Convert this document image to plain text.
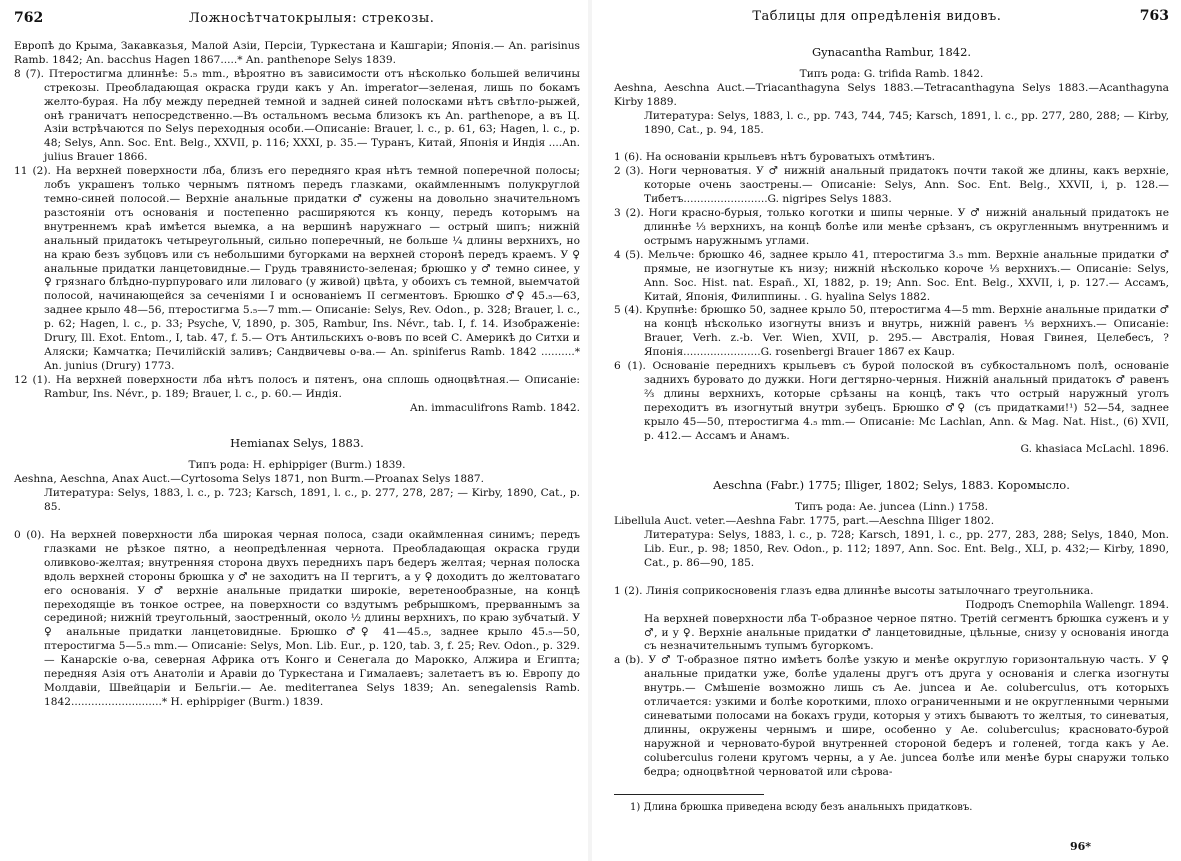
762	Ложносѣтчатокрылыя: стрекозы.

Европѣ до Крыма, Закавказья, Малой Азіи, Персіи, Туркестана и Кашгаріи; Японія.— An. parisinus Ramb. 1842; An. bacchus Hagen 1867.....* An. panthenope Selys 1839.

8 (7). Птеростигма длиннѣе: 5.₅ mm., вѣроятно въ зависимости отъ нѣсколько большей величины стрекозы. Преобладающая окраска груди какъ у An. imperator—зеленая, лишь по бокамъ желто-бурая. На лбу между передней темной и задней синей полосками нѣтъ свѣтло-рыжей, онѣ граничатъ непосредственно.—Въ остальномъ весьма близокъ къ An. parthenope, а въ Ц. Азіи встрѣчаются по Selys переходныя особи.—Описаніе: Brauer, l. c., p. 61, 63; Hagen, l. c., p. 48; Selys, Ann. Soc. Ent. Belg., XXVII, p. 116; XXXI, p. 35.— Туранъ, Китай, Японія и Индія ....An. julius Brauer 1866.

11 (2). На верхней поверхности лба, близъ его передняго края нѣтъ темной поперечной полосы; лобъ украшенъ только чернымъ пятномъ передъ глазками, окаймленнымъ полукруглой темно-синей полосой.— Верхніе анальные придатки ♂ сужены на довольно значительномъ разстояніи отъ основанія и постепенно расширяются къ концу, передъ которымъ на внутреннемъ краѣ имѣется выемка, а на вершинѣ наружнаго — острый шипъ; нижній анальный придатокъ четыреугольный, сильно поперечный, не больше ¼ длины верхнихъ, но на краю безъ зубцовъ или съ небольшими бугорками на верхней сторонѣ передъ краемъ. У ♀ анальные придатки ланцетовидные.— Грудь травянисто-зеленая; брюшко у ♂ темно синее, у ♀ грязнаго блѣдно-пурпуроваго или лиловаго (у живой) цвѣта, у обоихъ съ темной, выемчатой полосой, начинающейся за сеченіями I и основаніемъ II сегментовъ. Брюшко ♂♀ 45.₅—63, заднее крыло 48—56, птеростигма 5.₅—7 mm.— Описаніе: Selys, Rev. Odon., p. 328; Brauer, l. c., p. 62; Hagen, l. c., p. 33; Psyche, V, 1890, p. 305, Rambur, Ins. Névr., tab. I, f. 14. Изображеніе: Drury, Ill. Exot. Entom., I, tab. 47, f. 5.— Отъ Антильскихъ о-вовъ по всей С. Америкѣ до Ситхи и Аляски; Камчатка; Печилійскій заливъ; Сандвичевы о-ва.— An. spiniferus Ramb. 1842 ..........* An. junius (Drury) 1773.

12 (1). На верхней поверхности лба нѣтъ полосъ и пятенъ, она сплошь одноцвѣтная.— Описаніе: Rambur, Ins. Névr., p. 189; Brauer, l. c., p. 60.— Индія.

An. immaculifrons Ramb. 1842.

Hemianax Selys, 1883.

Типъ рода: H. ephippiger (Burm.) 1839.

Aeshna, Aeschna, Anax Auct.—Cyrtosoma Selys 1871, non Burm.—Proanax Selys 1887.

Литература: Selys, 1883, l. c., p. 723; Karsch, 1891, l. c., p. 277, 278, 287; — Kirby, 1890, Cat., p. 85.

0 (0). На верхней поверхности лба широкая черная полоса, сзади окаймленная синимъ; передъ глазками не рѣзкое пятно, а неопредѣленная чернота. Преобладающая окраска груди оливково-желтая; внутренняя сторона двухъ переднихъ паръ бедеръ желтая; черная полоска вдоль верхней стороны брюшка у ♂ не заходитъ на II тергитъ, а у ♀ доходитъ до желтоватаго его основанія. У ♂ верхніе анальные придатки широкіе, веретенообразные, на концѣ переходящіе въ тонкое острее, на поверхности со вздутымъ ребрышкомъ, прерваннымъ за серединой; нижній треугольный, заостренный, около ½ длины верхнихъ, по краю зубчатый. У ♀ анальные придатки ланцетовидные. Брюшко ♂♀ 41—45.₅, заднее крыло 45.₅—50, птеростигма 5—5.₅ mm.— Описаніе: Selys, Mon. Lib. Eur., p. 120, tab. 3, f. 25; Rev. Odon., p. 329.— Канарскіе о-ва, северная Африка отъ Конго и Сенегала до Марокко, Алжира и Египта; передняя Азія отъ Анатоліи и Аравіи до Туркестана и Гималаевъ; залетаетъ въ ю. Европу до Молдавіи, Швейцаріи и Бельгіи.— Ae. mediterranea Selys 1839; An. senegalensis Ramb. 1842...........................* H. ephippiger (Burm.) 1839.

Таблицы для опредѣленія видовъ.	763

Gynacantha Rambur, 1842.

Типъ рода: G. trifida Ramb. 1842.

Aeshna, Aeschna Auct.—Triacanthagyna Selys 1883.—Tetracanthagyna Selys 1883.—Acanthagyna Kirby 1889.

Литература: Selys, 1883, l. c., pp. 743, 744, 745; Karsch, 1891, l. c., pp. 277, 280, 288; — Kirby, 1890, Cat., p. 94, 185.

1 (6). На основаніи крыльевъ нѣтъ буроватыхъ отмѣтинъ.

2 (3). Ноги черноватыя. У ♂ нижній анальный придатокъ почти такой же длины, какъ верхніе, которые очень заострены.— Описаніе: Selys, Ann. Soc. Ent. Belg., XXVII, i, p. 128.— Тибетъ.........................G. nigripes Selys 1883.

3 (2). Ноги красно-бурыя, только коготки и шипы черные. У ♂ нижній анальный придатокъ не длиннѣе ⅓ верхнихъ, на концѣ болѣе или менѣе срѣзанъ, съ округленнымъ внутреннимъ и острымъ наружнымъ углами.

4 (5). Мельче: брюшко 46, заднее крыло 41, птеростигма 3.₅ mm. Верхніе анальные придатки ♂ прямые, не изогнутые къ низу; нижній нѣсколько короче ⅓ верхнихъ.— Описаніе: Selys, Ann. Soc. Hist. nat. Españ., XI, 1882, p. 19; Ann. Soc. Ent. Belg., XXVII, i, p. 127.— Ассамъ, Китай, Японія, Филиппины. . G. hyalina Selys 1882.

5 (4). Крупнѣе: брюшко 50, заднее крыло 50, птеростигма 4—5 mm. Верхніе анальные придатки ♂ на концѣ нѣсколько изогнуты внизъ и внутрь, нижній равенъ ⅓ верхнихъ.— Описаніе: Brauer, Verh. z.-b. Ver. Wien, XVII, p. 295.— Австралія, Новая Гвинея, Целебесъ, ? Японія.......................G. rosenbergi Brauer 1867 ex Kaup.

6 (1). Основаніе переднихъ крыльевъ съ бурой полоской въ субкостальномъ полѣ, основаніе заднихъ буровато до дужки. Ноги дегтярно-черныя. Нижній анальный придатокъ ♂ равенъ ⅔ длины верхнихъ, которые срѣзаны на концѣ, такъ что острый наружный уголъ переходитъ въ изогнутый внутри зубецъ. Брюшко ♂♀ (съ придатками!¹) 52—54, заднее крыло 45—50, птеростигма 4.₅ mm.— Описаніе: Mc Lachlan, Ann. & Mag. Nat. Hist., (6) XVII, p. 412.— Ассамъ и Анамъ.

G. khasiaca McLachl. 1896.

Aeschna (Fabr.) 1775; Illiger, 1802; Selys, 1883. Коромысло.

Типъ рода: Ae. juncea (Linn.) 1758.

Libellula Auct. veter.—Aeshna Fabr. 1775, part.—Aeschna Illiger 1802.

Литература: Selys, 1883, l. c., p. 728; Karsch, 1891, l. c., pp. 277, 283, 288; Selys, 1840, Mon. Lib. Eur., p. 98; 1850, Rev. Odon., p. 112; 1897, Ann. Soc. Ent. Belg., XLI, p. 432;— Kirby, 1890, Cat., p. 86—90, 185.

1 (2). Линія соприкосновенія глазъ едва длиннѣе высоты затылочнаго треугольника.

Подродъ Cnemophila Wallengr. 1894.

На верхней поверхности лба Т-образное черное пятно. Третій сегментъ брюшка суженъ и у ♂, и у ♀. Верхніе анальные придатки ♂ ланцетовидные, цѣльные, снизу у основанія иногда съ незначительнымъ тупымъ бугоркомъ.

a (b). У ♂ Т-образное пятно имѣетъ болѣе узкую и менѣе округлую горизонтальную часть. У ♀ анальные придатки уже, болѣе удалены другъ отъ друга у основанія и слегка изогнуты внутрь.— Смѣшеніе возможно лишь съ Ae. juncea и Ae. coluberculus, отъ которыхъ отличается: узкими и болѣе короткими, плохо ограниченными и не округленными черными синеватыми полосами на бокахъ груди, которыя у этихъ бываютъ то желтыя, то синеватыя, длинны, окружены чернымъ и шире, особенно у Ae. coluberculus; красновато-бурой наружной и черновато-бурой внутренней стороной бедеръ и голеней, тогда какъ у Ae. coluberculus голени кругомъ черны, а у Ae. juncea болѣе или менѣе буры снаружи только бедра; одноцвѣтной черноватой или сѣрова-

1) Длина брюшка приведена всюду безъ анальныхъ придатковъ.

96*
